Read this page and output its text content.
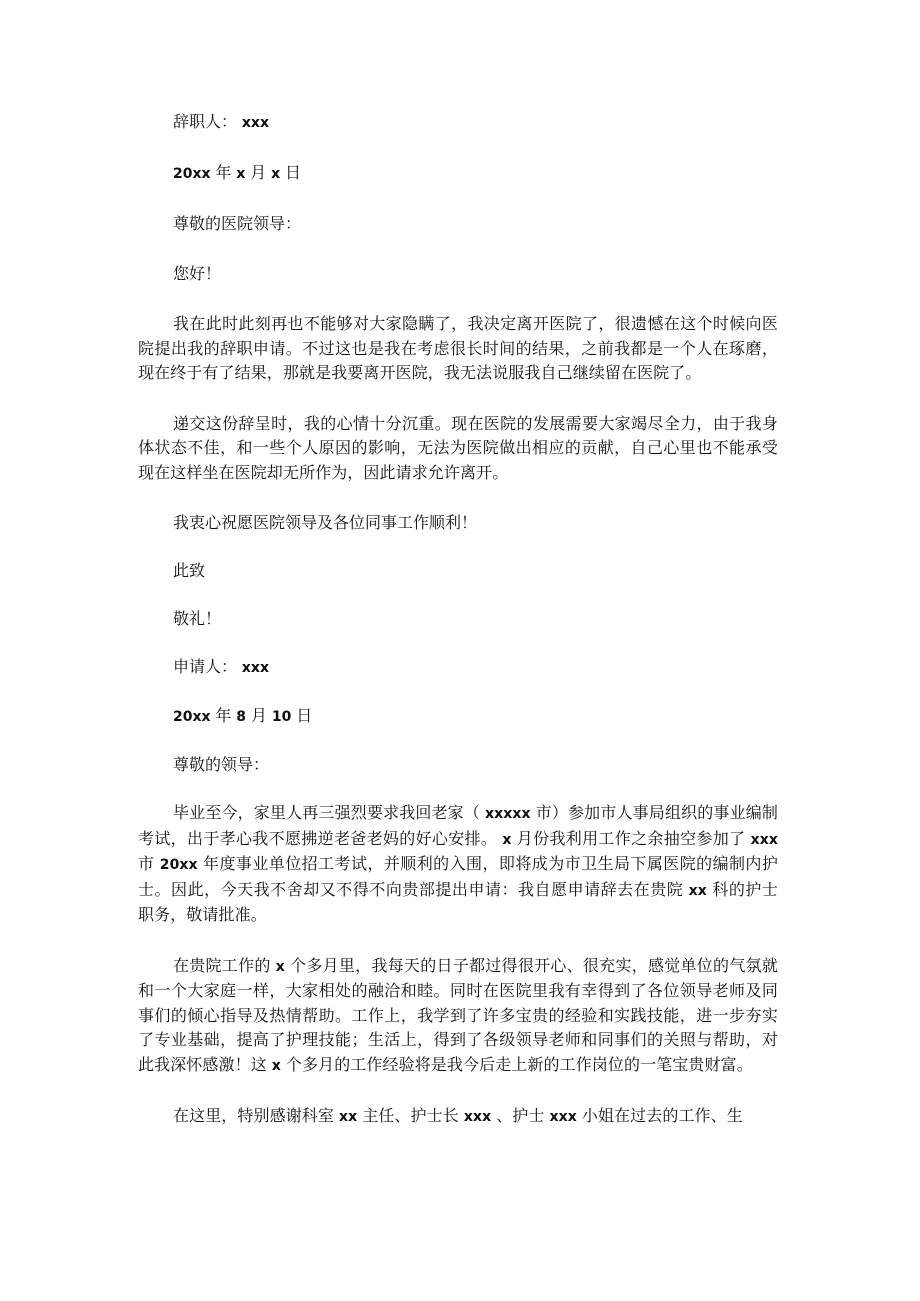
辞职人： xxx

20xx 年 x 月 x 日

尊敬的医院领导：

您好！

我在此时此刻再也不能够对大家隐瞒了，我决定离开医院了，很遗憾在这个时候向医院提出我的辞职申请。不过这也是我在考虑很长时间的结果，之前我都是一个人在琢磨，现在终于有了结果，那就是我要离开医院，我无法说服我自己继续留在医院了。

递交这份辞呈时，我的心情十分沉重。现在医院的发展需要大家竭尽全力，由于我身体状态不佳，和一些个人原因的影响，无法为医院做出相应的贡献，自己心里也不能承受现在这样坐在医院却无所作为，因此请求允许离开。

我衷心祝愿医院领导及各位同事工作顺利！

此致

敬礼！

申请人： xxx

20xx 年 8 月 10 日

尊敬的领导：

毕业至今，家里人再三强烈要求我回老家（ xxxxx 市）参加市人事局组织的事业编制考试，出于孝心我不愿拂逆老爸老妈的好心安排。 x 月份我利用工作之余抽空参加了 xxx 市 20xx 年度事业单位招工考试，并顺利的入围，即将成为市卫生局下属医院的编制内护士。因此，今天我不舍却又不得不向贵部提出申请：我自愿申请辞去在贵院 xx 科的护士职务，敬请批准。

在贵院工作的 x 个多月里，我每天的日子都过得很开心、很充实，感觉单位的气氛就和一个大家庭一样，大家相处的融洽和睦。同时在医院里我有幸得到了各位领导老师及同事们的倾心指导及热情帮助。工作上，我学到了许多宝贵的经验和实践技能，进一步夯实了专业基础，提高了护理技能；生活上，得到了各级领导老师和同事们的关照与帮助，对此我深怀感激！这 x 个多月的工作经验将是我今后走上新的工作岗位的一笔宝贵财富。

在这里，特别感谢科室 xx 主任、护士长 xxx 、护士 xxx 小姐在过去的工作、生
